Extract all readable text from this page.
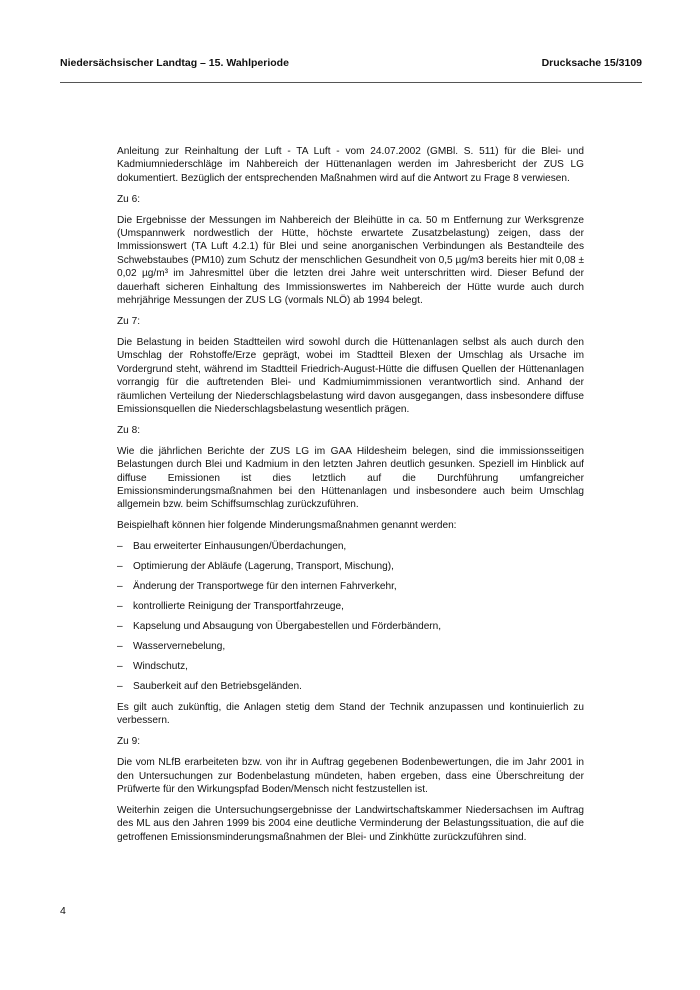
Niedersächsischer Landtag – 15. Wahlperiode	Drucksache 15/3109

Anleitung zur Reinhaltung der Luft - TA Luft - vom 24.07.2002 (GMBl. S. 511) für die Blei- und Kadmiumniederschläge im Nahbereich der Hüttenanlagen werden im Jahresbericht der ZUS LG dokumentiert. Bezüglich der entsprechenden Maßnahmen wird auf die Antwort zu Frage 8 verwiesen.

Zu 6:

Die Ergebnisse der Messungen im Nahbereich der Bleihütte in ca. 50 m Entfernung zur Werksgrenze (Umspannwerk nordwestlich der Hütte, höchste erwartete Zusatzbelastung) zeigen, dass der Immissionswert (TA Luft 4.2.1) für Blei und seine anorganischen Verbindungen als Bestandteile des Schwebstaubes (PM10) zum Schutz der menschlichen Gesundheit von 0,5 µg/m3 bereits hier mit 0,08 ± 0,02 µg/m³ im Jahresmittel über die letzten drei Jahre weit unterschritten wird. Dieser Befund der dauerhaft sicheren Einhaltung des Immissionswertes im Nahbereich der Hütte wurde auch durch mehrjährige Messungen der ZUS LG (vormals NLÖ) ab 1994 belegt.

Zu 7:

Die Belastung in beiden Stadtteilen wird sowohl durch die Hüttenanlagen selbst als auch durch den Umschlag der Rohstoffe/Erze geprägt, wobei im Stadtteil Blexen der Umschlag als Ursache im Vordergrund steht, während im Stadtteil Friedrich-August-Hütte die diffusen Quellen der Hüttenanlagen vorrangig für die auftretenden Blei- und Kadmiumimmissionen verantwortlich sind. Anhand der räumlichen Verteilung der Niederschlagsbelastung wird davon ausgegangen, dass insbesondere diffuse Emissionsquellen die Niederschlagsbelastung wesentlich prägen.

Zu 8:

Wie die jährlichen Berichte der ZUS LG im GAA Hildesheim belegen, sind die immissionsseitigen Belastungen durch Blei und Kadmium in den letzten Jahren deutlich gesunken. Speziell im Hinblick auf diffuse Emissionen ist dies letztlich auf die Durchführung umfangreicher Emissionsminderungsmaßnahmen bei den Hüttenanlagen und insbesondere auch beim Umschlag allgemein bzw. beim Schiffsumschlag zurückzuführen.

Beispielhaft können hier folgende Minderungsmaßnahmen genannt werden:

– Bau erweiterter Einhausungen/Überdachungen,
– Optimierung der Abläufe (Lagerung, Transport, Mischung),
– Änderung der Transportwege für den internen Fahrverkehr,
– kontrollierte Reinigung der Transportfahrzeuge,
– Kapselung und Absaugung von Übergabestellen und Förderbändern,
– Wasservernebelung,
– Windschutz,
– Sauberkeit auf den Betriebsgeländen.

Es gilt auch zukünftig, die Anlagen stetig dem Stand der Technik anzupassen und kontinuierlich zu verbessern.

Zu 9:

Die vom NLfB erarbeiteten bzw. von ihr in Auftrag gegebenen Bodenbewertungen, die im Jahr 2001 in den Untersuchungen zur Bodenbelastung mündeten, haben ergeben, dass eine Überschreitung der Prüfwerte für den Wirkungspfad Boden/Mensch nicht festzustellen ist.

Weiterhin zeigen die Untersuchungsergebnisse der Landwirtschaftskammer Niedersachsen im Auftrag des ML aus den Jahren 1999 bis 2004 eine deutliche Verminderung der Belastungssituation, die auf die getroffenen Emissionsminderungsmaßnahmen der Blei- und Zinkhütte zurückzuführen sind.

4
